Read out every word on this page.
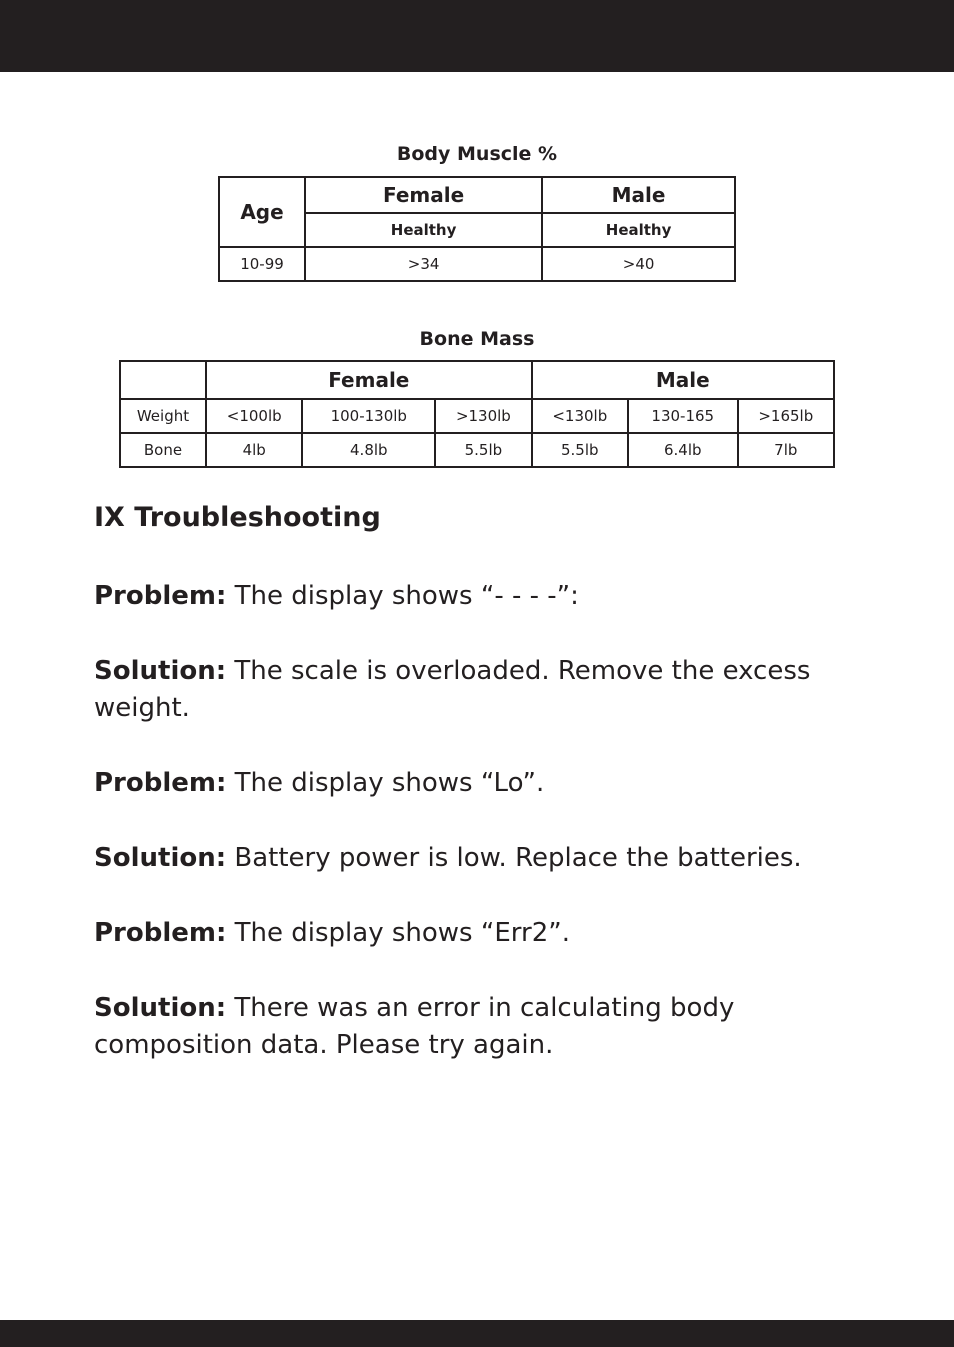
Body Muscle %
Age	Female	Male
	Healthy	Healthy
10-99	>34	>40
Bone Mass
	Female			Male		
Weight	<100lb	100-130lb	>130lb	<130lb	130-165	>165lb
Bone	4lb	4.8lb	5.5lb	5.5lb	6.4lb	7lb
IX Troubleshooting

Problem: The display shows “- - - -”:

Solution: The scale is overloaded. Remove the excess weight.

Problem: The display shows “Lo”.

Solution: Battery power is low. Replace the batteries.

Problem: The display shows “Err2”.

Solution: There was an error in calculating body composition data. Please try again.
